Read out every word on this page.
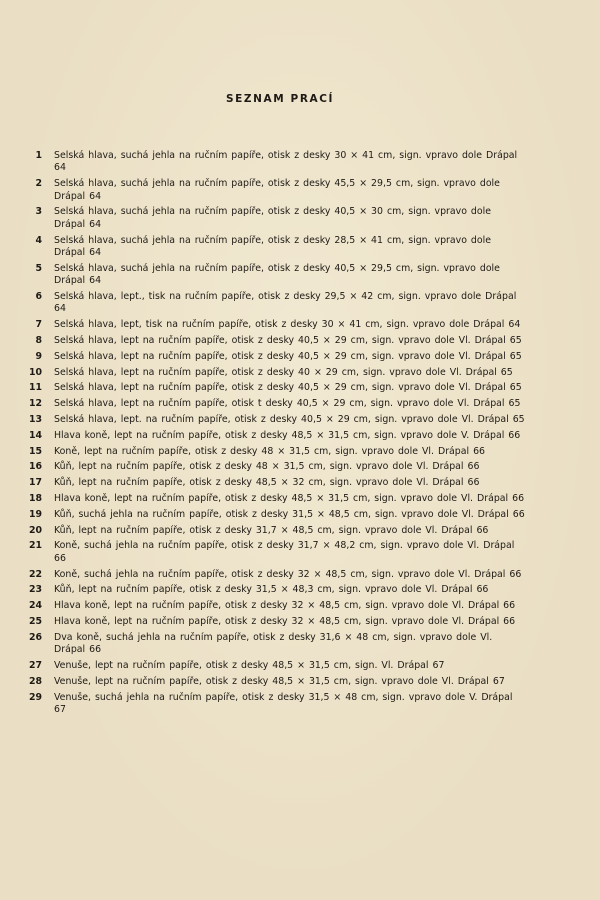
SEZNAM PRACÍ
1 Selská hlava, suchá jehla na ručním papíře, otisk z desky 30 × 41 cm, sign. vpravo dole Drápal 64
2 Selská hlava, suchá jehla na ručním papíře, otisk z desky 45,5 × 29,5 cm, sign. vpravo dole Drápal 64
3 Selská hlava, suchá jehla na ručním papíře, otisk z desky 40,5 × 30 cm, sign. vpravo dole Drápal 64
4 Selská hlava, suchá jehla na ručním papíře, otisk z desky 28,5 × 41 cm, sign. vpravo dole Drápal 64
5 Selská hlava, suchá jehla na ručním papíře, otisk z desky 40,5 × 29,5 cm, sign. vpravo dole Drápal 64
6 Selská hlava, lept., tisk na ručním papíře, otisk z desky 29,5 × 42 cm, sign. vpravo dole Drápal 64
7 Selská hlava, lept, tisk na ručním papíře, otisk z desky 30 × 41 cm, sign. vpravo dole Drápal 64
8 Selská hlava, lept na ručním papíře, otisk z desky 40,5 × 29 cm, sign. vpravo dole Vl. Drápal 65
9 Selská hlava, lept na ručním papíře, otisk z desky 40,5 × 29 cm, sign. vpravo dole Vl. Drápal 65
10 Selská hlava, lept na ručním papíře, otisk z desky 40 × 29 cm, sign. vpravo dole Vl. Drápal 65
11 Selská hlava, lept na ručním papíře, otisk z desky 40,5 × 29 cm, sign. vpravo dole Vl. Drápal 65
12 Selská hlava, lept na ručním papíře, otisk t desky 40,5 × 29 cm, sign. vpravo dole Vl. Drápal 65
13 Selská hlava, lept. na ručním papíře, otisk z desky 40,5 × 29 cm, sign. vpravo dole Vl. Drápal 65
14 Hlava koně, lept na ručním papíře, otisk z desky 48,5 × 31,5 cm, sign. vpravo dole V. Drápal 66
15 Koně, lept na ručním papíře, otisk z desky 48 × 31,5 cm, sign. vpravo dole Vl. Drápal 66
16 Kůň, lept na ručním papíře, otisk z desky 48 × 31,5 cm, sign. vpravo dole Vl. Drápal 66
17 Kůň, lept na ručním papíře, otisk z desky 48,5 × 32 cm, sign. vpravo dole Vl. Drápal 66
18 Hlava koně, lept na ručním papíře, otisk z desky 48,5 × 31,5 cm, sign. vpravo dole Vl. Drápal 66
19 Kůň, suchá jehla na ručním papíře, otisk z desky 31,5 × 48,5 cm, sign. vpravo dole Vl. Drápal 66
20 Kůň, lept na ručním papíře, otisk z desky 31,7 × 48,5 cm, sign. vpravo dole Vl. Drápal 66
21 Koně, suchá jehla na ručním papíře, otisk z desky 31,7 × 48,2 cm, sign. vpravo dole Vl. Drápal 66
22 Koně, suchá jehla na ručním papíře, otisk z desky 32 × 48,5 cm, sign. vpravo dole Vl. Drápal 66
23 Kůň, lept na ručním papíře, otisk z desky 31,5 × 48,3 cm, sign. vpravo dole Vl. Drápal 66
24 Hlava koně, lept na ručním papíře, otisk z desky 32 × 48,5 cm, sign. vpravo dole Vl. Drápal 66
25 Hlava koně, lept na ručním papíře, otisk z desky 32 × 48,5 cm, sign. vpravo dole Vl. Drápal 66
26 Dva koně, suchá jehla na ručním papíře, otisk z desky 31,6 × 48 cm, sign. vpravo dole Vl. Drápal 66
27 Venuše, lept na ručním papíře, otisk z desky 48,5 × 31,5 cm, sign. Vl. Drápal 67
28 Venuše, lept na ručním papíře, otisk z desky 48,5 × 31,5 cm, sign. vpravo dole Vl. Drápal 67
29 Venuše, suchá jehla na ručním papíře, otisk z desky 31,5 × 48 cm, sign. vpravo dole V. Drápal 67
